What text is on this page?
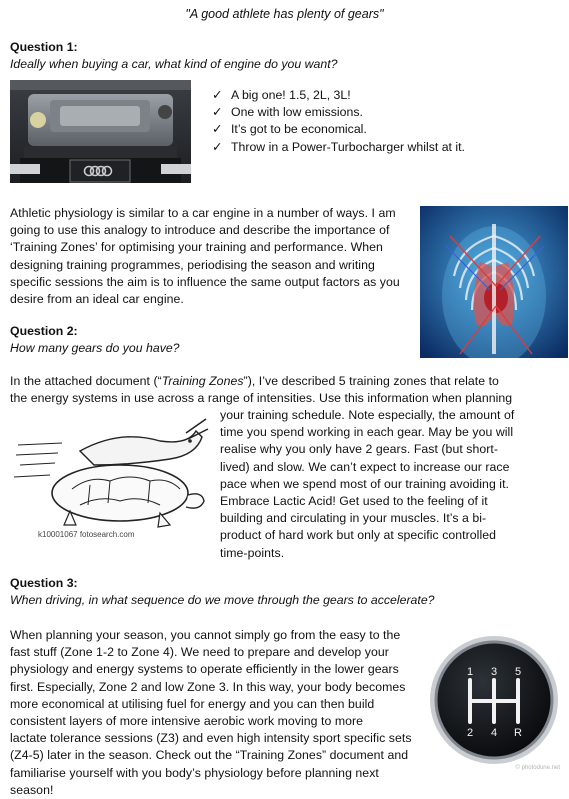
"A good athlete has plenty of gears"
Question 1:
Ideally when buying a car, what kind of engine do you want?
✓ A big one! 1.5, 2L, 3L!
✓ One with low emissions.
✓ It’s got to be economical.
✓ Throw in a Power-Turbocharger whilst at it.
Athletic physiology is similar to a car engine in a number of ways. I am
going to use this analogy to introduce and describe the importance of
‘Training Zones’ for optimising your training and performance. When
designing training programmes, periodising the season and writing
specific sessions the aim is to influence the same output factors as you
desire from an ideal car engine.
Question 2:
How many gears do you have?
In the attached document (“Training Zones”), I’ve described 5 training zones that relate to
the energy systems in use across a range of intensities. Use this information when planning
k10001067 fotosearch.com
your training schedule. Note especially, the amount of
time you spend working in each gear. May be you will
realise why you only have 2 gears. Fast (but short-
lived) and slow. We can’t expect to increase our race
pace when we spend most of our training avoiding it.
Embrace Lactic Acid! Get used to the feeling of it
building and circulating in your muscles. It’s a bi-
product of hard work but only at specific controlled
time-points.
Question 3:
When driving, in what sequence do we move through the gears to accelerate?
When planning your season, you cannot simply go from the easy to the
fast stuff (Zone 1-2 to Zone 4). We need to prepare and develop your
physiology and energy systems to operate efficiently in the lower gears
first. Especially, Zone 2 and low Zone 3. In this way, your body becomes
more economical at utilising fuel for energy and you can then build
consistent layers of more intensive aerobic work moving to more
lactate tolerance sessions (Z3) and even high intensity sport specific sets
(Z4-5) later in the season. Check out the “Training Zones” document and
familiarise yourself with you body’s physiology before planning next
season!
1 3 5
2 4 R
© photodune.net
